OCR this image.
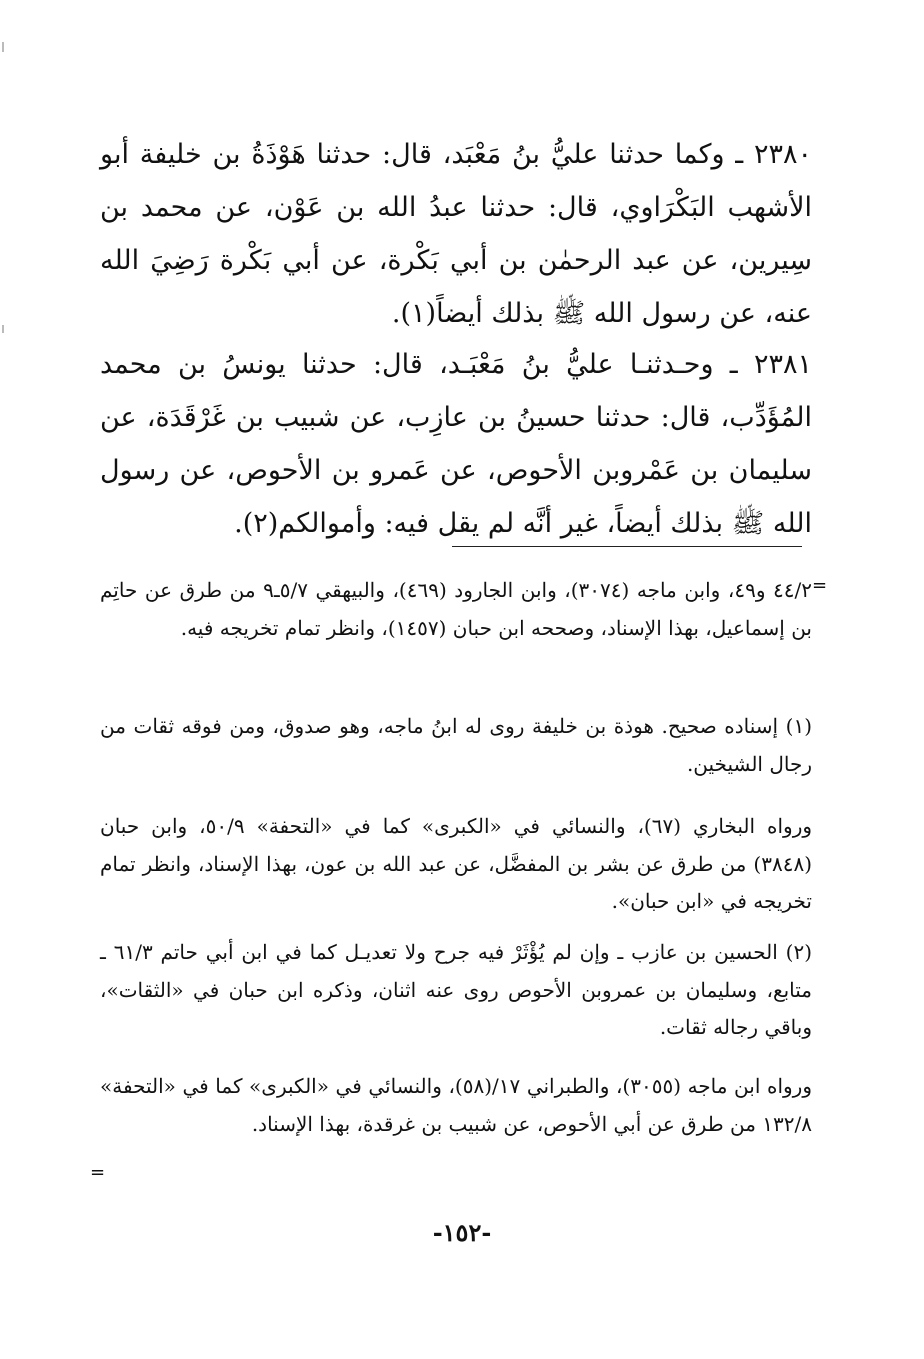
٢٣٨٠ ـ وكما حدثنا عليُّ بنُ مَعْبَد، قال: حدثنا هَوْذَةُ بن خليفة أبو الأشهب البَكْرَاوي، قال: حدثنا عبدُ الله بن عَوْن، عن محمد بن سِيرين، عن عبد الرحمٰن بن أبي بَكْرة، عن أبي بَكْرة رَضِيَ الله عنه، عن رسول الله ﷺ بذلك أيضاً(١).

٢٣٨١ ـ وحـدثنـا عليُّ بنُ مَعْبَـد، قال: حدثنا يونسُ بن محمد المُؤَدِّب، قال: حدثنا حسينُ بن عازِب، عن شبيب بن غَرْقَدَة، عن سليمان بن عَمْروبن الأحوص، عن عَمرو بن الأحوص، عن رسول الله ﷺ بذلك أيضاً، غير أنَّه لم يقل فيه: وأموالكم(٢).

=

٤٤/٢ و٤٩، وابن ماجه (٣٠٧٤)، وابن الجارود (٤٦٩)، والبيهقي ٥/٧ـ٩ من طرق عن حاتِم بن إسماعيل، بهذا الإسناد، وصححه ابن حبان (١٤٥٧)، وانظر تمام تخريجه فيه.

(١) إسناده صحيح. هوذة بن خليفة روى له ابنُ ماجه، وهو صدوق، ومن فوقه ثقات من رجال الشيخين.

ورواه البخاري (٦٧)، والنسائي في «الكبرى» كما في «التحفة» ٥٠/٩، وابن حبان (٣٨٤٨) من طرق عن بشر بن المفضَّل، عن عبد الله بن عون، بهذا الإسناد، وانظر تمام تخريجه في «ابن حبان».

(٢) الحسين بن عازب ـ وإن لم يُؤْثَرْ فيه جرح ولا تعديـل كما في ابن أبي حاتم ٦١/٣ ـ متابع، وسليمان بن عمروبن الأحوص روى عنه اثنان، وذكره ابن حبان في «الثقات»، وباقي رجاله ثقات.

ورواه ابن ماجه (٣٠٥٥)، والطبراني ١٧/(٥٨)، والنسائي في «الكبرى» كما في «التحفة» ١٣٢/٨ من طرق عن أبي الأحوص، عن شبيب بن غرقدة، بهذا الإسناد.

=
-١٥٢-
